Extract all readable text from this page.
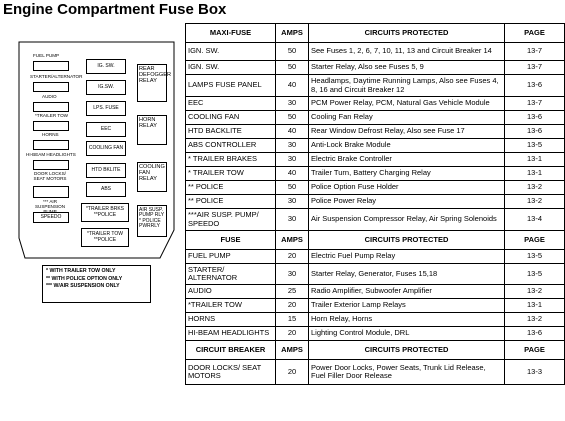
Engine Compartment Fuse Box
FUEL PUMP
STARTER/ALTERNATOR
AUDIO
*TRAILER TOW
HORNS
HI-BEAM HEADLIGHTS
DOOR LOCKS/ SEAT MOTORS
*** AIR SUSPENSION
SPEEDO
IG. SW.
IG.SW.
LPS. FUSE
EEC
COOLING FAN
HTD BKLITE
ABS
*TRAILER BRKS **POLICE
*TRAILER TOW **POLICE
REAR DEFOGGER RELAY
HORN RELAY
COOLING FAN RELAY
AIR SUSP. PUMP RLY * POLICE PWRRLY
* WITH TRAILER TOW ONLY
** WITH POLICE OPTION ONLY
*** W/AIR SUSPENSION ONLY
MAXI-FUSE	AMPS	CIRCUITS PROTECTED	PAGE
IGN. SW.	50	See Fuses 1, 2, 6, 7, 10, 11, 13 and Circuit Breaker 14	13-7
IGN. SW.	50	Starter Relay, Also see Fuses 5, 9	13-7
LAMPS FUSE PANEL	40	Headlamps, Daytime Running Lamps, Also see Fuses 4, 8, 16 and Circuit Breaker 12	13-6
EEC	30	PCM Power Relay, PCM, Natural Gas Vehicle Module	13-7
COOLING FAN	50	Cooling Fan Relay	13-6
HTD BACKLITE	40	Rear Window Defrost Relay, Also see Fuse 17	13-6
ABS CONTROLLER	30	Anti-Lock Brake Module	13-5
* TRAILER BRAKES	30	Electric Brake Controller	13-1
* TRAILER TOW	40	Trailer Turn, Battery Charging Relay	13-1
** POLICE	50	Police Option Fuse Holder	13-2
** POLICE	30	Police Power Relay	13-2
***AIR SUSP. PUMP/ SPEEDO	30	Air Suspension Compressor Relay, Air Spring Solenoids	13-4
FUSE	AMPS	CIRCUITS PROTECTED	PAGE
FUEL PUMP	20	Electric Fuel Pump Relay	13-5
STARTER/ ALTERNATOR	30	Starter Relay, Generator, Fuses 15,18	13-5
AUDIO	25	Radio Amplifier, Subwoofer Amplifier	13-2
*TRAILER TOW	20	Trailer Exterior Lamp Relays	13-1
HORNS	15	Horn Relay, Horns	13-2
HI-BEAM HEADLIGHTS	20	Lighting Control Module, DRL	13-6
CIRCUIT BREAKER	AMPS	CIRCUITS PROTECTED	PAGE
DOOR LOCKS/ SEAT MOTORS	20	Power Door Locks, Power Seats, Trunk Lid Release, Fuel Filler Door Release	13-3
